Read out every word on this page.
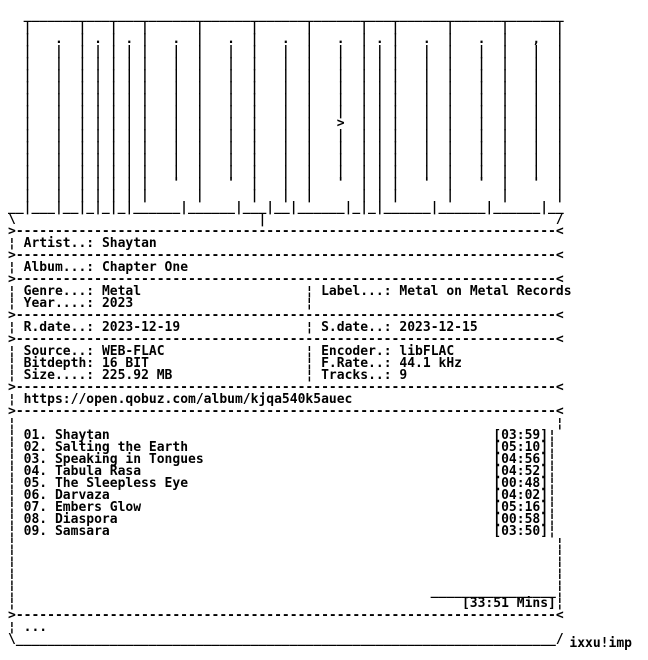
_____________________________________________________________________
|      |   |   |      |      |      |      |   |      |      |      |
|   .  | . | . |   .  |   .  |   .  |   .  | . |   .  |   .  |   ,  |
|   |  | | | | |   |  |   |  |   |  |   |  | | |   |  |   |  |   |  |
|   |  | | | | |   |  |   |  |   |  |   |  | | |   |  |   |  |   |  |
|   |  | | | | |   |  |   |  |   |  |   |  | | |   |  |   |  |   |  |
|   |  | | | | |   |  |   |  |   |  |   |  | | |   |  |   |  |   |  |
|   |  | | | | |   |  |   |  |   |  |   |  | | |   |  |   |  |   |  |
|   |  | | | | |   |  |   |  |   |  |   |  | | |   |  |   |  |   |  |
|   |  | | | | |   |  |   |  |   |  |   >  | | |   |  |   |  |   |  |
|   |  | | | | |   |  |   |  |   |  |   |  | | |   |  |   |  |   |  |
|   |  | | | | |   |  |   |  |   |  |   |  | | |   |  |   |  |   |  |
|   |  | | | | |   |  |   |  |   |  |   |  | | |   |  |   |  |   |  |
|   |  | | | | |   |  |   |  |   |  |   |  | | |   |  |   |  |   |  |
|   |  | | | | |   '  |   '  |   |  |   '  | | |   '  |   '  |   '  |
|   |  | | | | |      |      |   |  |      | | |      |      |      |
__|___|__|_|_|_|______|______|___|__|______|_|_|______|______|______|__
\                               |                                     /
>---------------------------------------------------------------------<
¦ Artist..: Shaytan
>---------------------------------------------------------------------<
¦ Album...: Chapter One
>---------------------------------------------------------------------<
¦ Genre...: Metal                     ¦ Label...: Metal on Metal Records
¦ Year....: 2023                      ¦
>---------------------------------------------------------------------<
¦ R.date..: 2023-12-19                ¦ S.date..: 2023-12-15
>---------------------------------------------------------------------<
¦ Source..: WEB-FLAC                  ¦ Encoder.: libFLAC
¦ Bitdepth: 16 BIT                    ¦ F.Rate..: 44.1 kHz
¦ Size....: 225.92 MB                 ¦ Tracks..: 9
>---------------------------------------------------------------------<
¦ https://open.qobuz.com/album/kjqa540k5auec
>---------------------------------------------------------------------<
¦                                                                     ¦
¦ 01. Shaytan	[03:59]¦
¦ 02. Salting the Earth	[05:10]¦
¦ 03. Speaking in Tongues	[04:56]¦
¦ 04. Tabula Rasa	[04:52]¦
¦ 05. The Sleepless Eye	[00:48]¦
¦ 06. Darvaza	[04:02]¦
¦ 07. Embers Glow	[05:16]¦
¦ 08. Diaspora	[00:58]¦
¦ 09. Samsara	[03:50]¦
¦                                                                     ¦
¦                                                                     ¦
¦                                                                     ¦
¦                                                                     ¦
¦                                                     ________________¦
¦                                                         [33:51 Mins]¦
>---------------------------------------------------------------------<
¦ ...
\_____________________________________________________________________/ ixxu!imp
